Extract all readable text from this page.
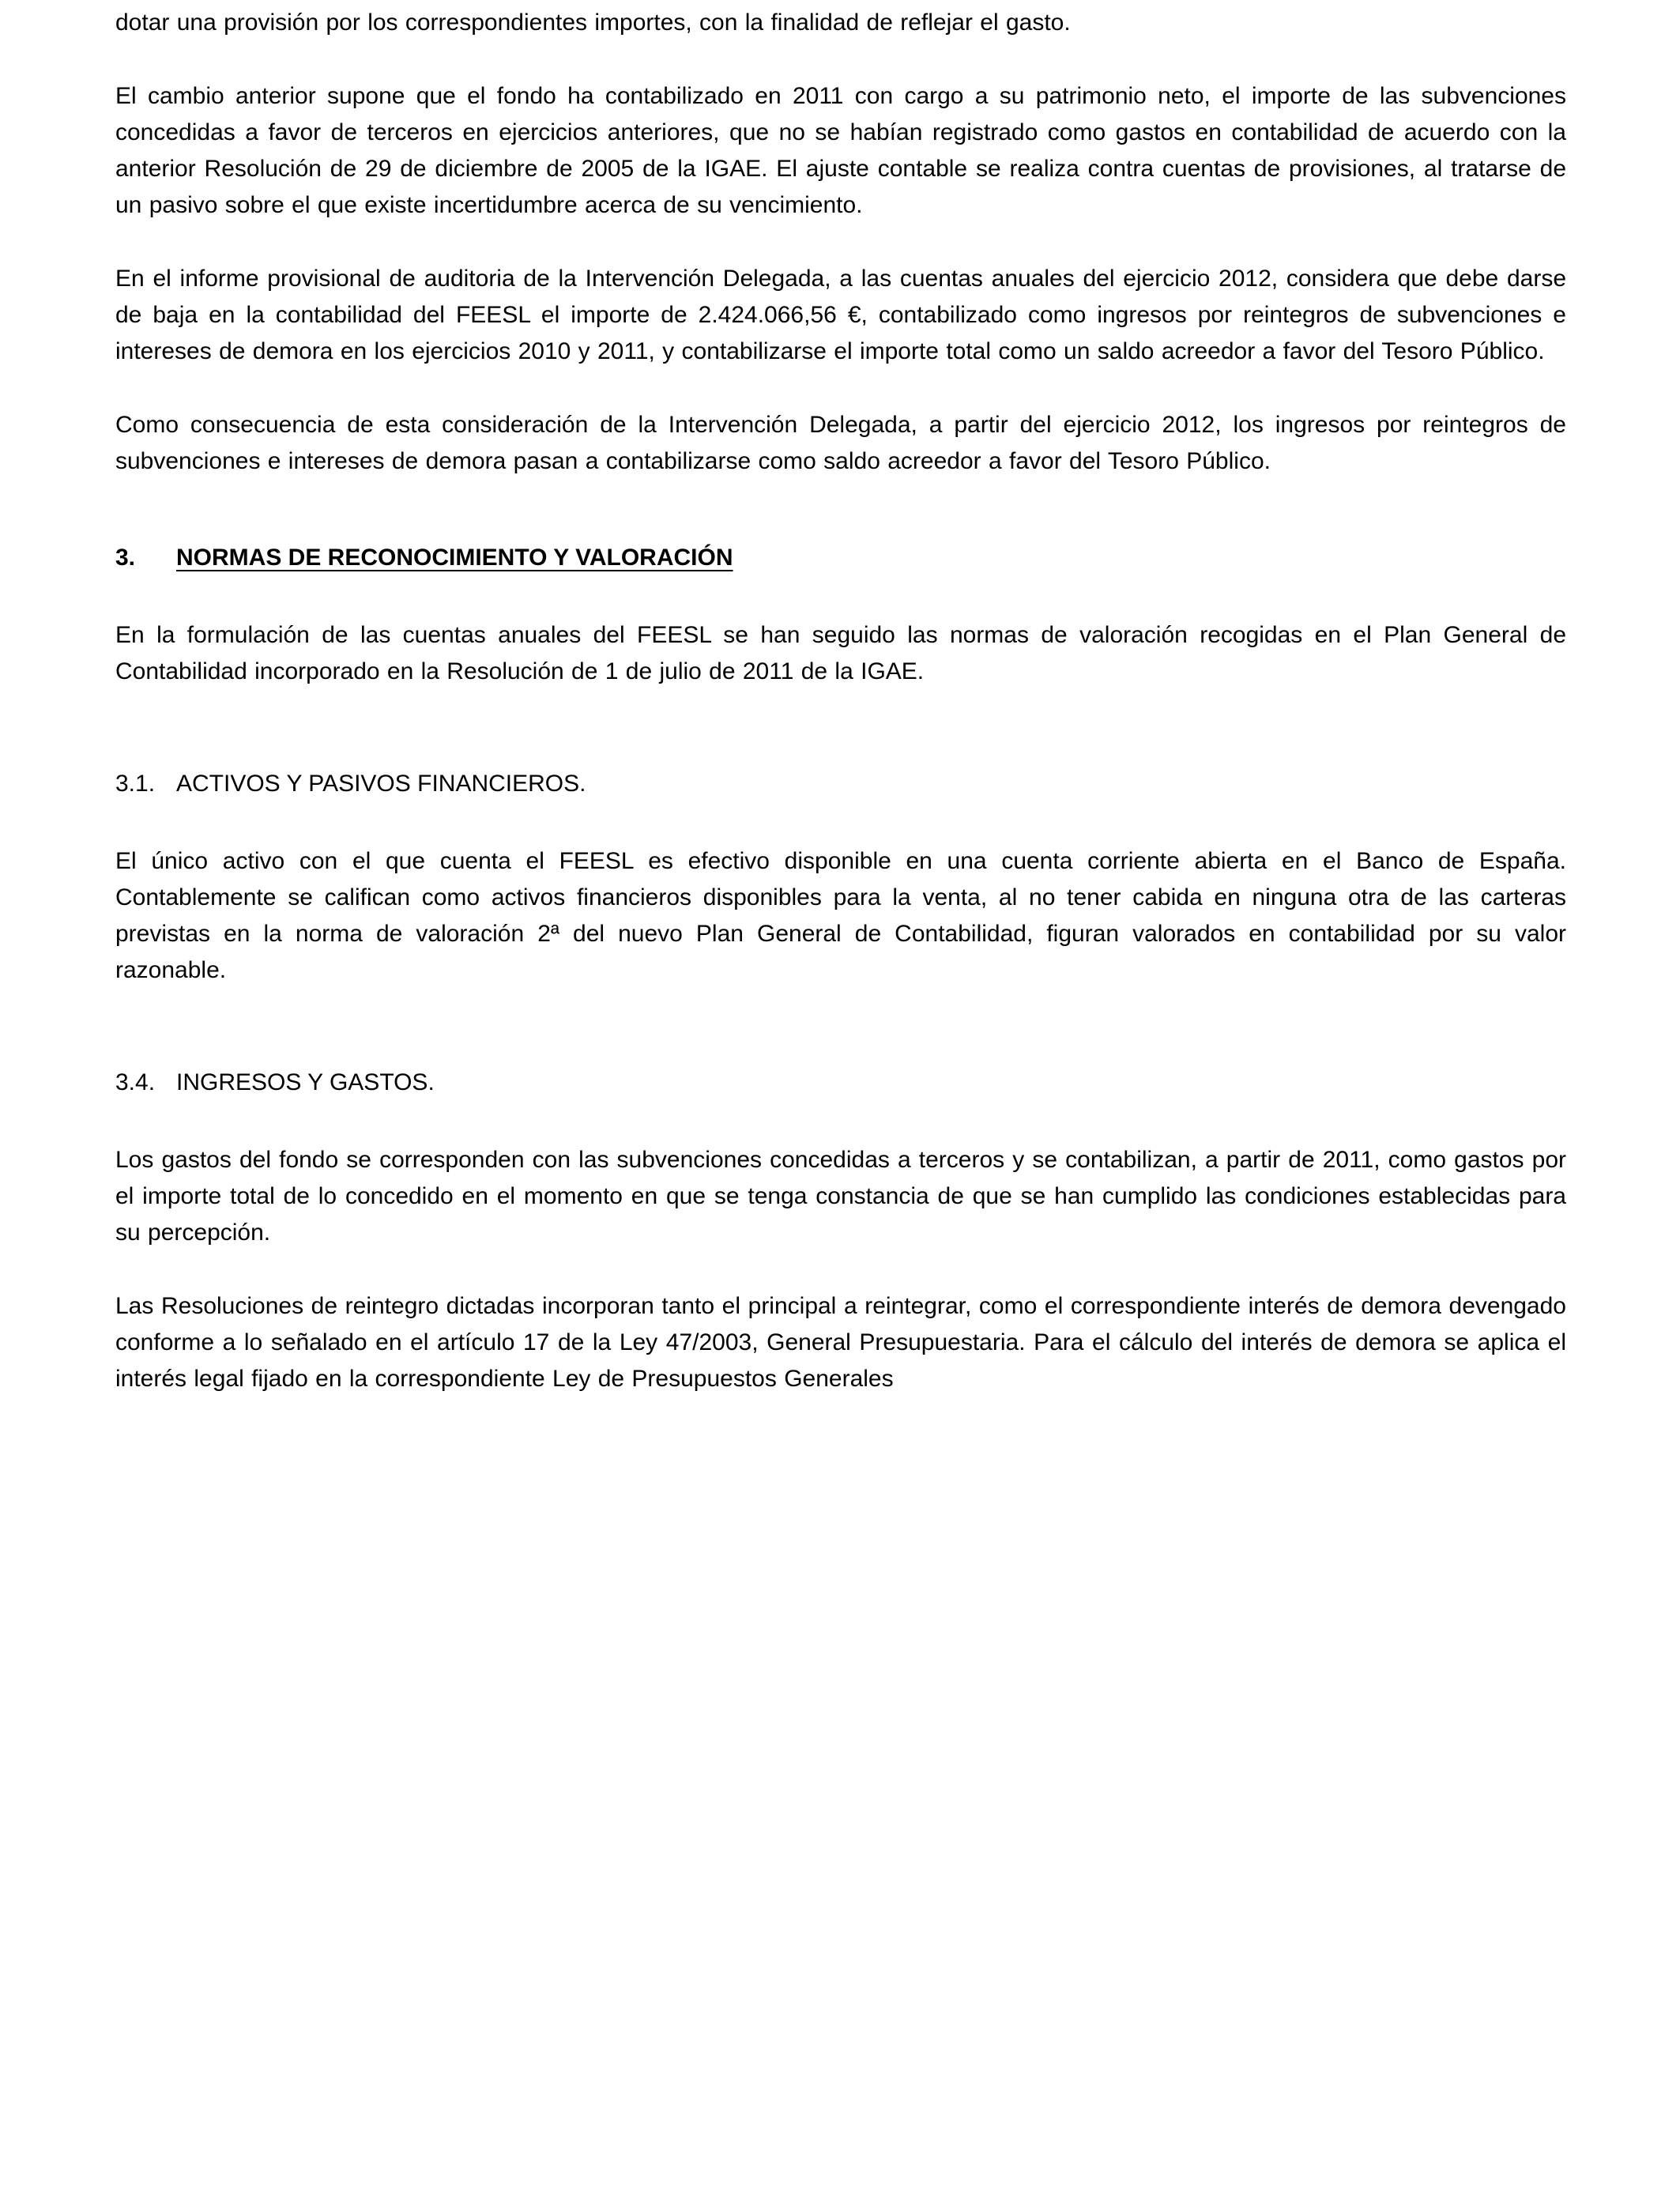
dotar una provisión por los correspondientes importes, con la finalidad de reflejar el gasto.

El cambio anterior supone que el fondo ha contabilizado en 2011 con cargo a su patrimonio neto, el importe de las subvenciones concedidas a favor de terceros en ejercicios anteriores, que no se habían registrado como gastos en contabilidad de acuerdo con la anterior Resolución de 29 de diciembre de 2005 de la IGAE. El ajuste contable se realiza contra cuentas de provisiones, al tratarse de un pasivo sobre el que existe incertidumbre acerca de su vencimiento.

En el informe provisional de auditoria de la Intervención Delegada, a las cuentas anuales del ejercicio 2012, considera que debe darse de baja en la contabilidad del FEESL el importe de 2.424.066,56 €, contabilizado como ingresos por reintegros de subvenciones e intereses de demora en los ejercicios 2010 y 2011, y contabilizarse el importe total como un saldo acreedor a favor del Tesoro Público.

Como consecuencia de esta consideración de la Intervención Delegada, a partir del ejercicio 2012, los ingresos por reintegros de subvenciones e intereses de demora pasan a contabilizarse como saldo acreedor a favor del Tesoro Público.

3.	NORMAS DE RECONOCIMIENTO Y VALORACIÓN

En la formulación de las cuentas anuales del FEESL se han seguido las normas de valoración recogidas en el Plan General de Contabilidad incorporado en la Resolución de 1 de julio de 2011 de la IGAE.

3.1. ACTIVOS Y PASIVOS FINANCIEROS.

El único activo con el que cuenta el FEESL es efectivo disponible en una cuenta corriente abierta en el Banco de España. Contablemente se califican como activos financieros disponibles para la venta, al no tener cabida en ninguna otra de las carteras previstas en la norma de valoración 2ª del nuevo Plan General de Contabilidad, figuran valorados en contabilidad por su valor razonable.

3.4. INGRESOS Y GASTOS.

Los gastos del fondo se corresponden con las subvenciones concedidas a terceros y se contabilizan, a partir de 2011, como gastos por el importe total de lo concedido en el momento en que se tenga constancia de que se han cumplido las condiciones establecidas para su percepción.

Las Resoluciones de reintegro dictadas incorporan tanto el principal a reintegrar, como el correspondiente interés de demora devengado conforme a lo señalado en el artículo 17 de la Ley 47/2003, General Presupuestaria. Para el cálculo del interés de demora se aplica el interés legal fijado en la correspondiente Ley de Presupuestos Generales
